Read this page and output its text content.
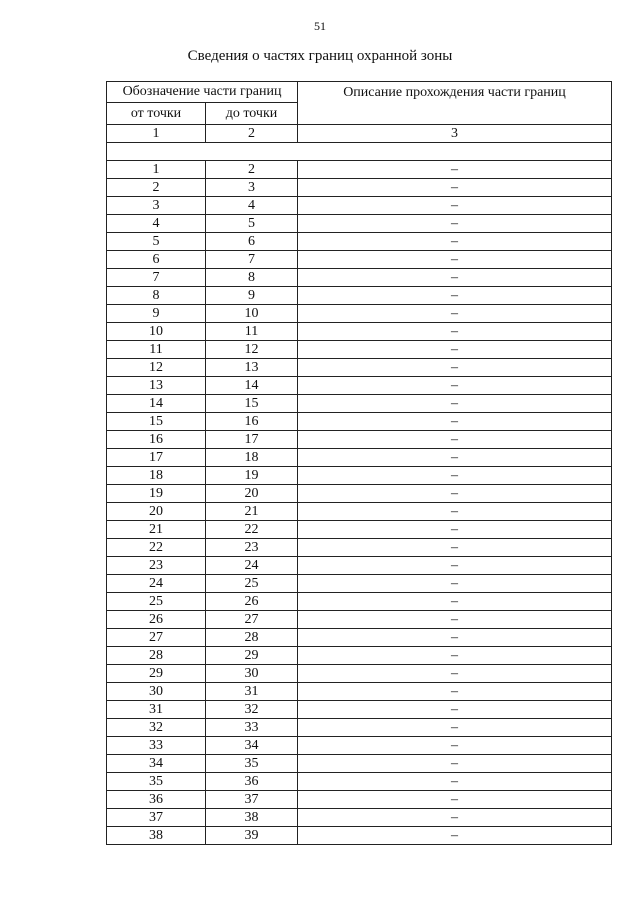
51
Сведения о частях границ охранной зоны
Обозначение части границ		Описание прохождения части границ
от точки	до точки	
1	2	3

1	2	–
2	3	–
3	4	–
4	5	–
5	6	–
6	7	–
7	8	–
8	9	–
9	10	–
10	11	–
11	12	–
12	13	–
13	14	–
14	15	–
15	16	–
16	17	–
17	18	–
18	19	–
19	20	–
20	21	–
21	22	–
22	23	–
23	24	–
24	25	–
25	26	–
26	27	–
27	28	–
28	29	–
29	30	–
30	31	–
31	32	–
32	33	–
33	34	–
34	35	–
35	36	–
36	37	–
37	38	–
38	39	–
